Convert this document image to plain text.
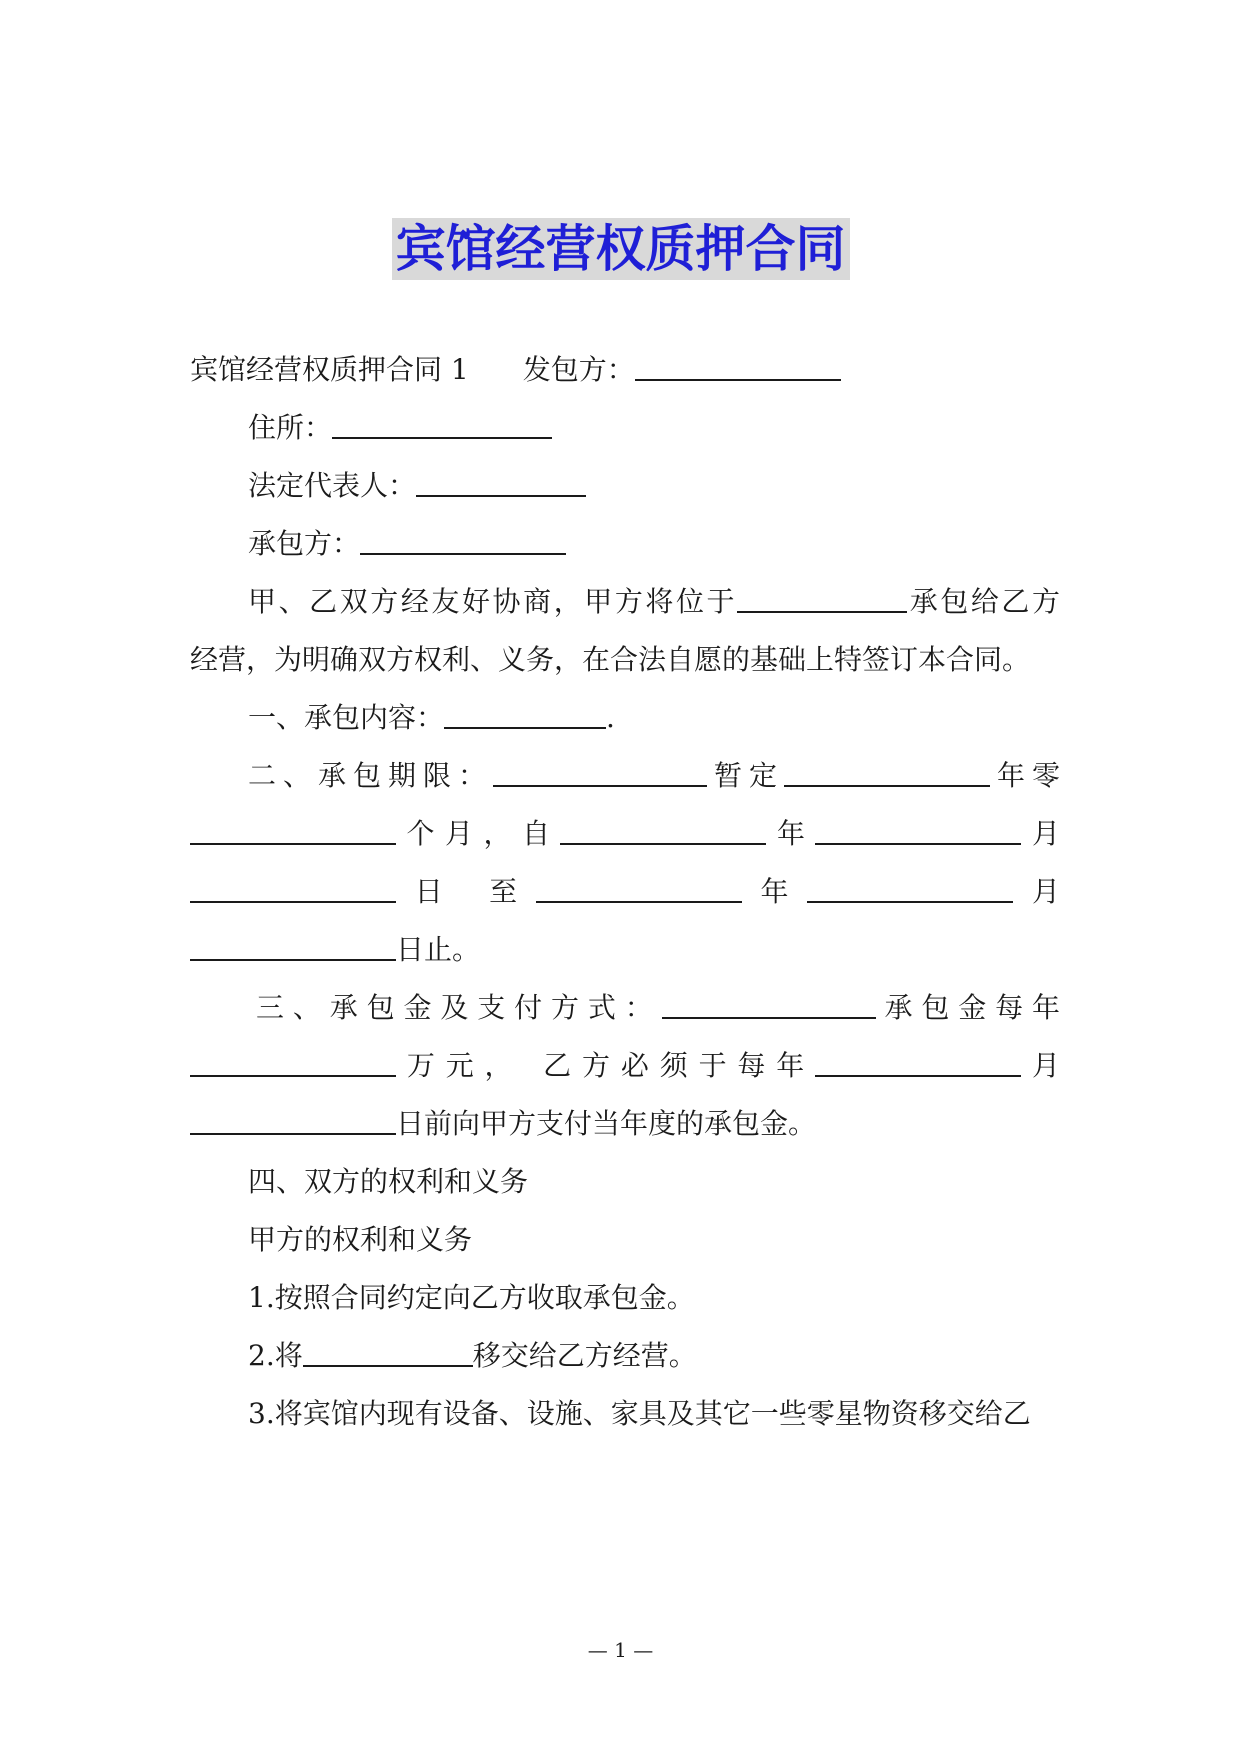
宾馆经营权质押合同
宾馆经营权质押合同 1 发包方：
住所：
法定代表人：
承包方：
甲、乙双方经友好协商，甲方将位于	承包给乙方
经营，为明确双方权利、义务，在合法自愿的基础上特签订本合同。
一、承包内容：	.
二、承包期限：	暂定	年零
个月，自	年	月
日 至	年	月
日止。
三、承包金及支付方式：	承包金每年
万元， 乙方必须于每年	月
日前向甲方支付当年度的承包金。
四、双方的权利和义务
甲方的权利和义务
1.按照合同约定向乙方收取承包金。
2.将	移交给乙方经营。
3.将宾馆内现有设备、设施、家具及其它一些零星物资移交给乙
— 1 —
